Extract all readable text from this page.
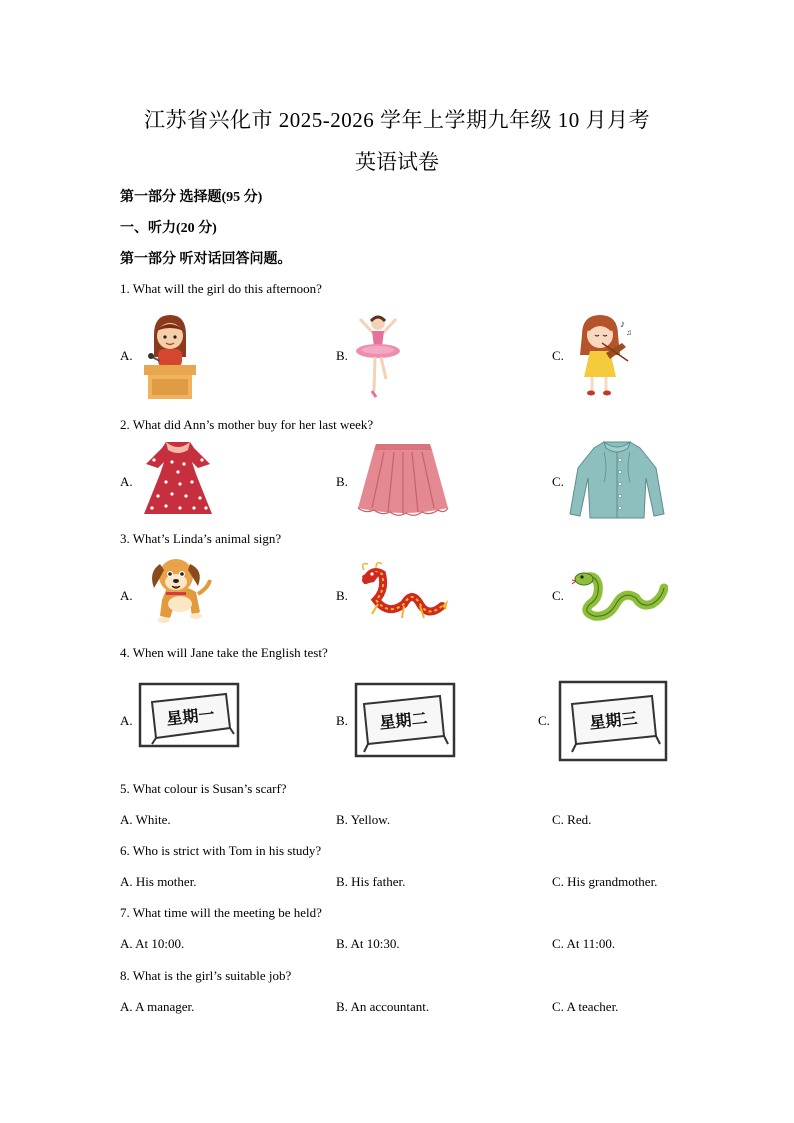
江苏省兴化市 2025-2026 学年上学期九年级 10 月月考
英语试卷
第一部分 选择题(95 分)
一、听力(20 分)
第一部分 听对话回答问题。
1. What will the girl do this afternoon?
A.	B.	C.
♪
♫
2. What did Ann’s mother buy for her last week?
A.	B.	C.
3. What’s Linda’s animal sign?
A.	B.	C.
4. When will Jane take the English test?
A. 星期一	B. 星期二	C. 星期三
5. What colour is Susan’s scarf?
A. White.	B. Yellow.	C. Red.
6. Who is strict with Tom in his study?
A. His mother.	B. His father.	C. His grandmother.
7. What time will the meeting be held?
A. At 10:00.	B. At 10:30.	C. At 11:00.
8. What is the girl’s suitable job?
A. A manager.	B. An accountant.	C. A teacher.
